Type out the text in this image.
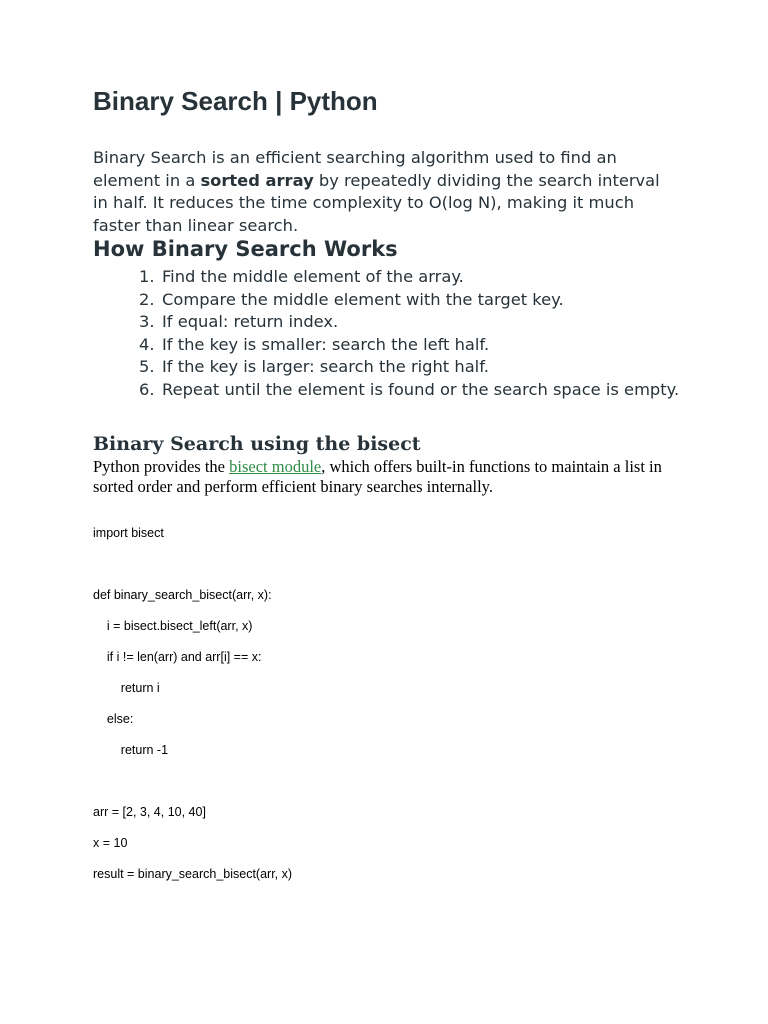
Binary Search | Python

Binary Search is an efficient searching algorithm used to find an element in a sorted array by repeatedly dividing the search interval in half. It reduces the time complexity to O(log N), making it much faster than linear search.

How Binary Search Works
1. Find the middle element of the array.
2. Compare the middle element with the target key.
3. If equal: return index.
4. If the key is smaller: search the left half.
5. If the key is larger: search the right half.
6. Repeat until the element is found or the search space is empty.
Binary Search using the bisect

Python provides the bisect module, which offers built-in functions to maintain a list in sorted order and perform efficient binary searches internally.

import bisect
def binary_search_bisect(arr, x):
i = bisect.bisect_left(arr, x)
if i != len(arr) and arr[i] == x:
return i
else:
return -1
arr = [2, 3, 4, 10, 40]
x = 10
result = binary_search_bisect(arr, x)
